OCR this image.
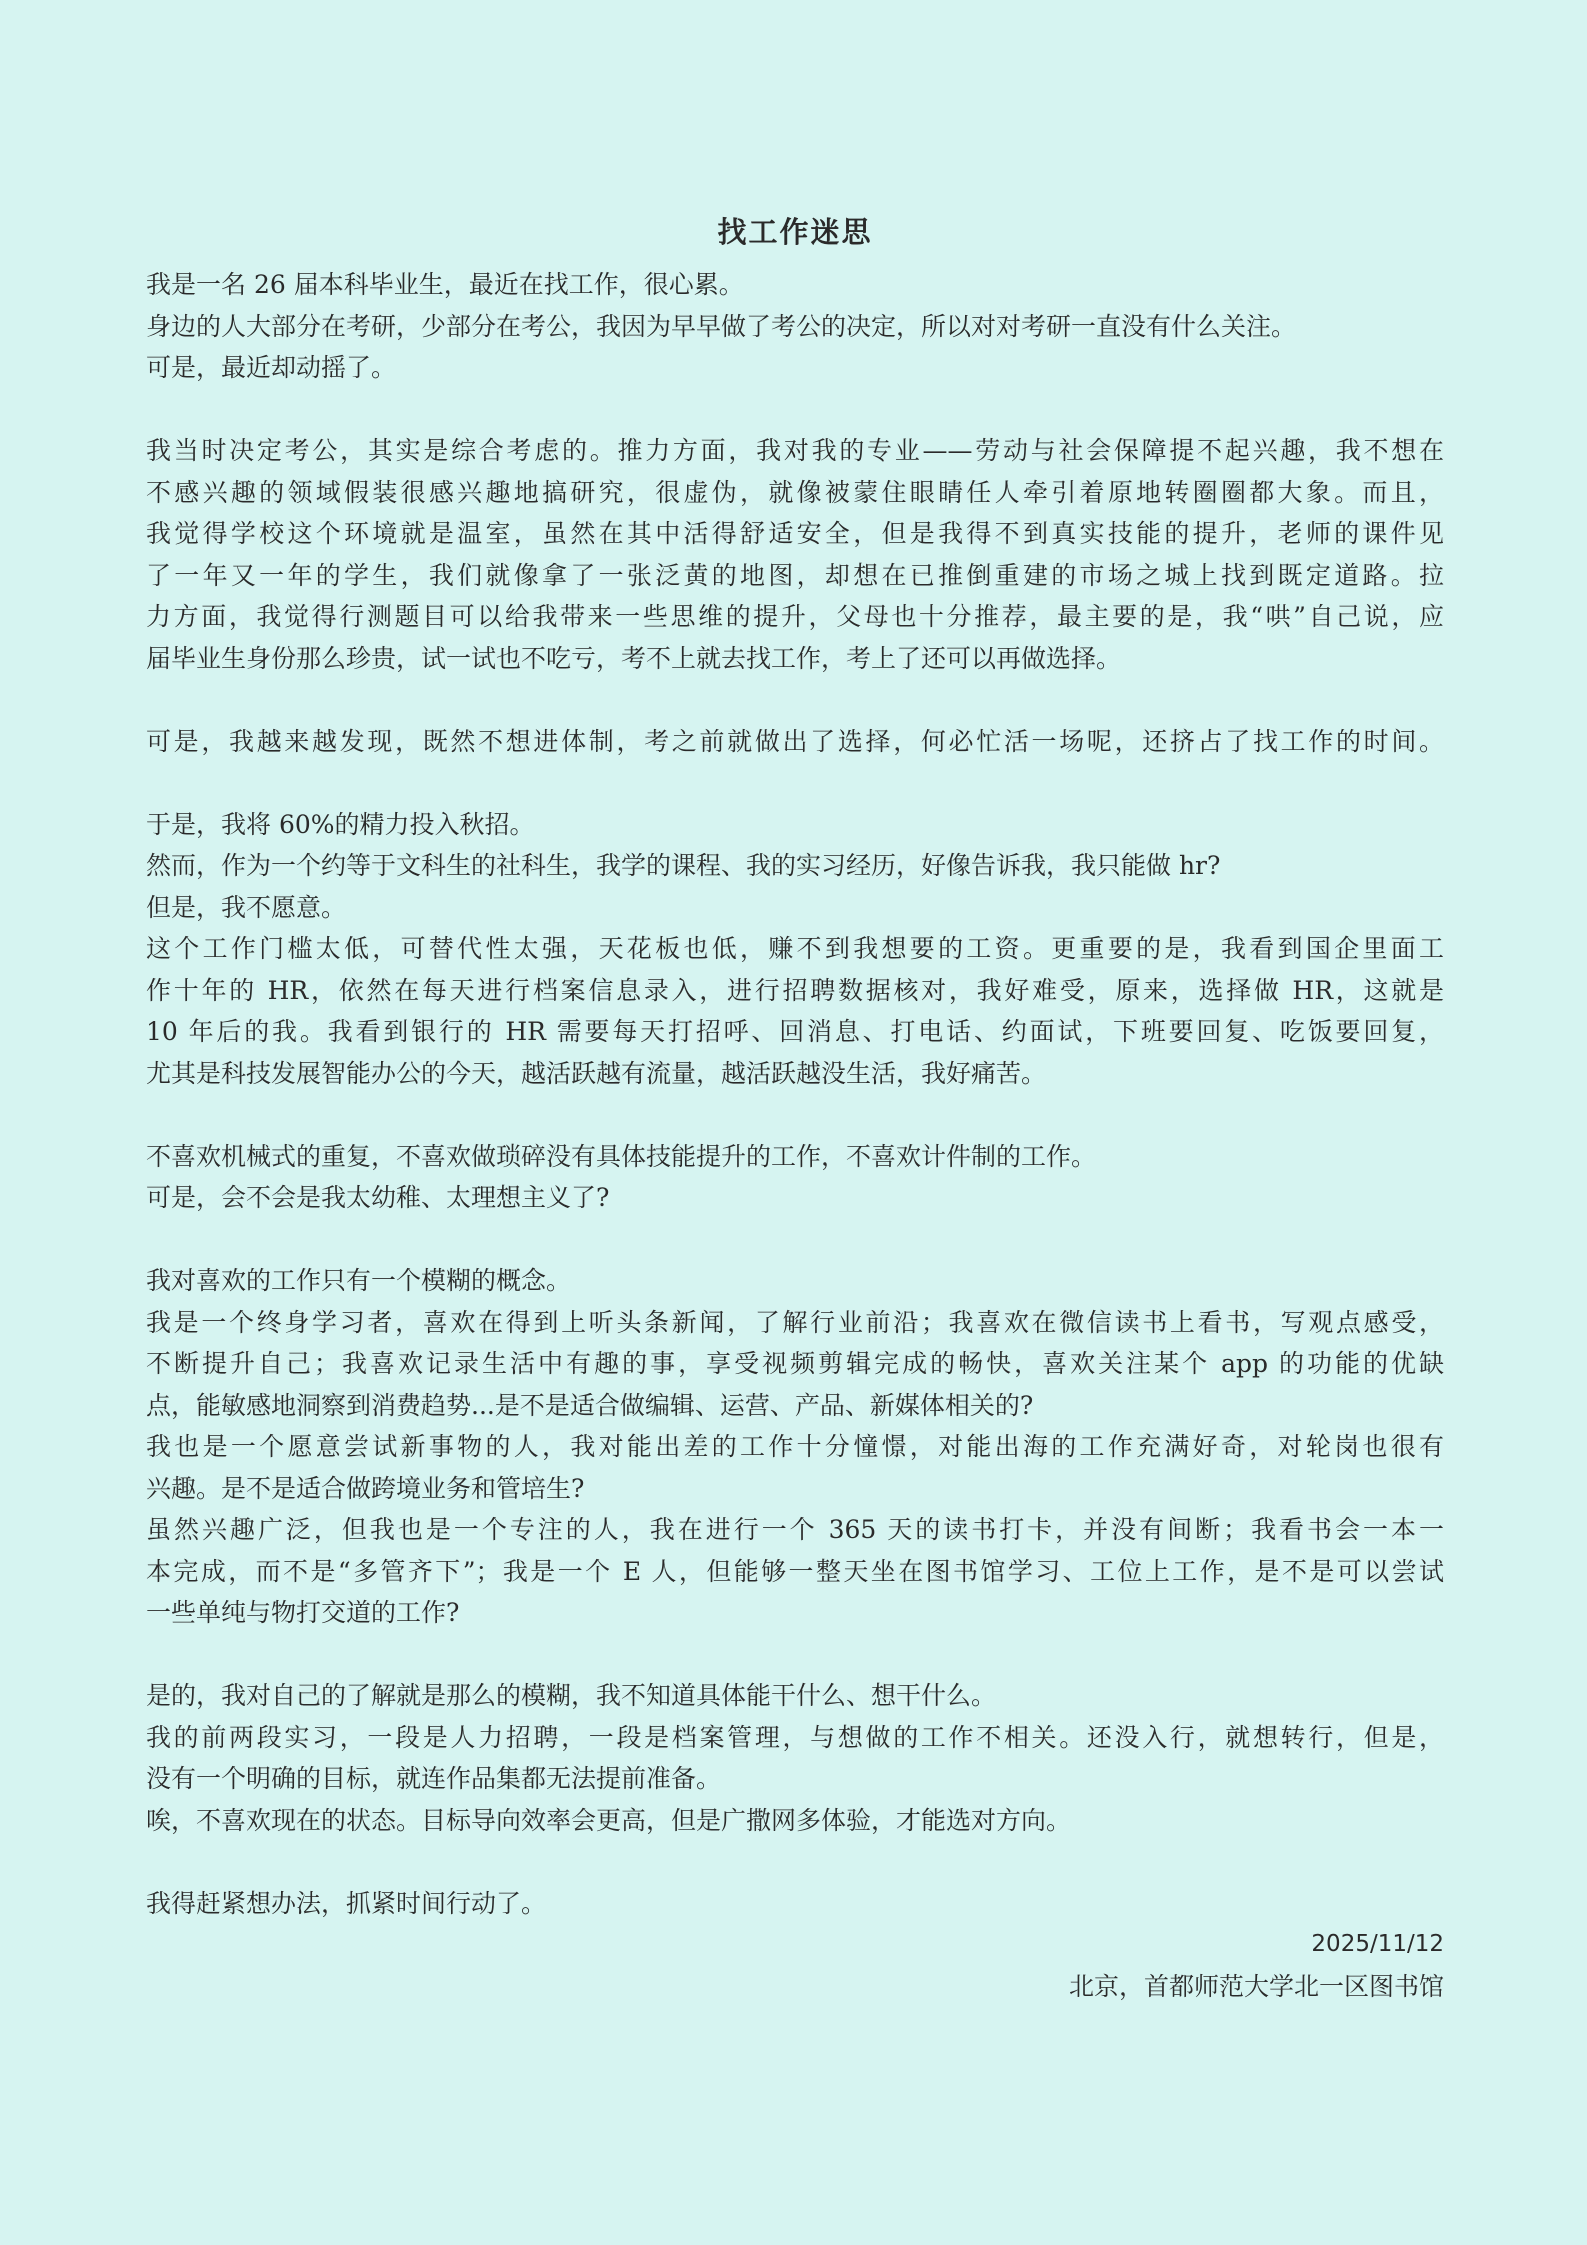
找工作迷思
我是一名 26 届本科毕业生，最近在找工作，很心累。
身边的人大部分在考研，少部分在考公，我因为早早做了考公的决定，所以对对考研一直没有什么关注。
可是，最近却动摇了。
我当时决定考公，其实是综合考虑的。推力方面，我对我的专业——劳动与社会保障提不起兴趣，我不想在
不感兴趣的领域假装很感兴趣地搞研究，很虚伪，就像被蒙住眼睛任人牵引着原地转圈圈都大象。而且，
我觉得学校这个环境就是温室，虽然在其中活得舒适安全，但是我得不到真实技能的提升，老师的课件见
了一年又一年的学生，我们就像拿了一张泛黄的地图，却想在已推倒重建的市场之城上找到既定道路。拉
力方面，我觉得行测题目可以给我带来一些思维的提升，父母也十分推荐，最主要的是，我“哄”自己说，应
届毕业生身份那么珍贵，试一试也不吃亏，考不上就去找工作，考上了还可以再做选择。
可是，我越来越发现，既然不想进体制，考之前就做出了选择，何必忙活一场呢，还挤占了找工作的时间。
于是，我将 60%的精力投入秋招。
然而，作为一个约等于文科生的社科生，我学的课程、我的实习经历，好像告诉我，我只能做 hr?
但是，我不愿意。
这个工作门槛太低，可替代性太强，天花板也低，赚不到我想要的工资。更重要的是，我看到国企里面工
作十年的 HR，依然在每天进行档案信息录入，进行招聘数据核对，我好难受，原来，选择做 HR，这就是
10 年后的我。我看到银行的 HR 需要每天打招呼、回消息、打电话、约面试，下班要回复、吃饭要回复，
尤其是科技发展智能办公的今天，越活跃越有流量，越活跃越没生活，我好痛苦。
不喜欢机械式的重复，不喜欢做琐碎没有具体技能提升的工作，不喜欢计件制的工作。
可是，会不会是我太幼稚、太理想主义了?
我对喜欢的工作只有一个模糊的概念。
我是一个终身学习者，喜欢在得到上听头条新闻，了解行业前沿；我喜欢在微信读书上看书，写观点感受，
不断提升自己；我喜欢记录生活中有趣的事，享受视频剪辑完成的畅快，喜欢关注某个 app 的功能的优缺
点，能敏感地洞察到消费趋势...是不是适合做编辑、运营、产品、新媒体相关的?
我也是一个愿意尝试新事物的人，我对能出差的工作十分憧憬，对能出海的工作充满好奇，对轮岗也很有
兴趣。是不是适合做跨境业务和管培生?
虽然兴趣广泛，但我也是一个专注的人，我在进行一个 365 天的读书打卡，并没有间断；我看书会一本一
本完成，而不是“多管齐下”；我是一个 E 人，但能够一整天坐在图书馆学习、工位上工作，是不是可以尝试
一些单纯与物打交道的工作?
是的，我对自己的了解就是那么的模糊，我不知道具体能干什么、想干什么。
我的前两段实习，一段是人力招聘，一段是档案管理，与想做的工作不相关。还没入行，就想转行，但是，
没有一个明确的目标，就连作品集都无法提前准备。
唉，不喜欢现在的状态。目标导向效率会更高，但是广撒网多体验，才能选对方向。
我得赶紧想办法，抓紧时间行动了。
2025/11/12
北京，首都师范大学北一区图书馆
